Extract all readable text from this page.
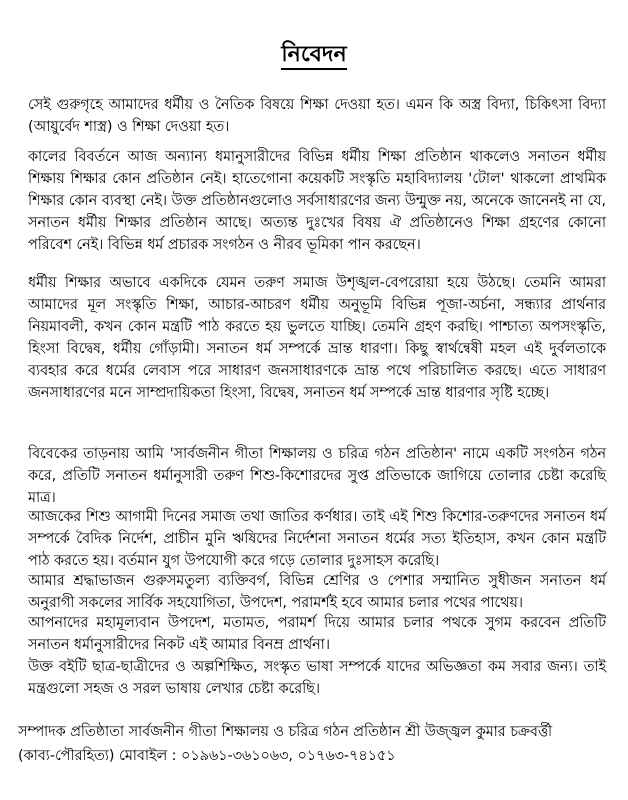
নিবেদন

সেই গুরুগৃহে আমাদের ধর্মীয় ও নৈতিক বিষয়ে শিক্ষা দেওয়া হত। এমন কি অস্ত্র বিদ্যা, চিকিৎসা বিদ্যা (আয়ুর্বেদ শাস্ত্র) ও শিক্ষা দেওয়া হত।

কালের বিবর্তনে আজ অন্যান্য ধমানুসারীদের বিভিন্ন ধর্মীয় শিক্ষা প্রতিষ্ঠান থাকলেও সনাতন ধর্মীয় শিক্ষায় শিক্ষার কোন প্রতিষ্ঠান নেই। হাতেগোনা কয়েকটি সংস্কৃতি মহাবিদ্যালয় 'টোল' থাকলো প্রাথমিক শিক্ষার কোন ব্যবস্থা নেই। উক্ত প্রতিষ্ঠানগুলোও সর্বসাধারণের জন্য উন্মুক্ত নয়, অনেকে জানেনই না যে, সনাতন ধর্মীয় শিক্ষার প্রতিষ্ঠান আছে। অত্যন্ত দুঃখের বিষয় ঐ প্রতিষ্ঠানেও শিক্ষা গ্রহণের কোনো পরিবেশ নেই। বিভিন্ন ধর্ম প্রচারক সংগঠন ও নীরব ভূমিকা পান করছেন।

ধর্মীয় শিক্ষার অভাবে একদিকে যেমন তরুণ সমাজ উশৃঙ্খল-বেপরোয়া হয়ে উঠছে। তেমনি আমরা আমাদের মূল সংস্কৃতি শিক্ষা, আচার-আচরণ ধর্মীয় অনুভূমি বিভিন্ন পূজা-অর্চনা, সন্ধ্যার প্রার্থনার নিয়মাবলী, কখন কোন মন্ত্রটি পাঠ করতে হয় ভুলতে যাচ্ছি। তেমনি গ্রহণ করছি। পাশ্চাত্য অপসংস্কৃতি, হিংসা বিদ্বেষ, ধর্মীয় গোঁড়ামী। সনাতন ধর্ম সম্পর্কে ভ্রান্ত ধারণা। কিছু স্বার্থন্বেষী মহল এই দুর্বলতাকে ব্যবহার করে ধর্মের লেবাস পরে সাধারণ জনসাধারণকে ভ্রান্ত পথে পরিচালিত করছে। এতে সাধারণ জনসাধারণের মনে সাম্প্রদায়িকতা হিংসা, বিদ্বেষ, সনাতন ধর্ম সম্পর্কে ভ্রান্ত ধারণার সৃষ্টি হচ্ছে।

বিবেকের তাড়নায় আমি 'সার্বজনীন গীতা শিক্ষালয় ও চরিত্র গঠন প্রতিষ্ঠান' নামে একটি সংগঠন গঠন করে, প্রতিটি সনাতন ধর্মানুসারী তরুণ শিশু-কিশোরদের সুপ্ত প্রতিভাকে জাগিয়ে তোলার চেষ্টা করেছি মাত্র।

আজকের শিশু আগামী দিনের সমাজ তথা জাতির কর্ণধার। তাই এই শিশু কিশোর-তরুণদের সনাতন ধর্ম সম্পর্কে বৈদিক নির্দেশ, প্রাচীন মুনি ঋষিদের নির্দেশনা সনাতন ধর্মের সত্য ইতিহাস, কখন কোন মন্ত্রটি পাঠ করতে হয়। বর্তমান যুগ উপযোগী করে গড়ে তোলার দুঃসাহস করেছি।

আমার শ্রদ্ধাভাজন গুরুসমতুল্য ব্যক্তিবর্গ, বিভিন্ন শ্রেণির ও পেশার সম্মানিত সুধীজন সনাতন ধর্ম অনুরাগী সকলের সার্বিক সহযোগিতা, উপদেশ, পরামর্শই হবে আমার চলার পথের পাথেয়।

আপনাদের মহামূল্যবান উপদেশ, মতামত, পরামর্শ দিয়ে আমার চলার পথকে সুগম করবেন প্রতিটি সনাতন ধর্মানুসারীদের নিকট এই আমার বিনম্র প্রার্থনা।

উক্ত বইটি ছাত্র-ছাত্রীদের ও অল্পশিক্ষিত, সংস্কৃত ভাষা সম্পর্কে যাদের অভিজ্ঞতা কম সবার জন্য। তাই মন্ত্রগুলো সহজ ও সরল ভাষায় লেখার চেষ্টা করেছি।

সম্পাদক প্রতিষ্ঠাতা সার্বজনীন গীতা শিক্ষালয় ও চরিত্র গঠন প্রতিষ্ঠান শ্রী উজ্জ্বল কুমার চক্রবর্ত্তী

(কাব্য-পৌরহিত্য) মোবাইল : ০১৯৬১-৩৬১০৬৩, ০১৭৬৩-৭৪১৫১
